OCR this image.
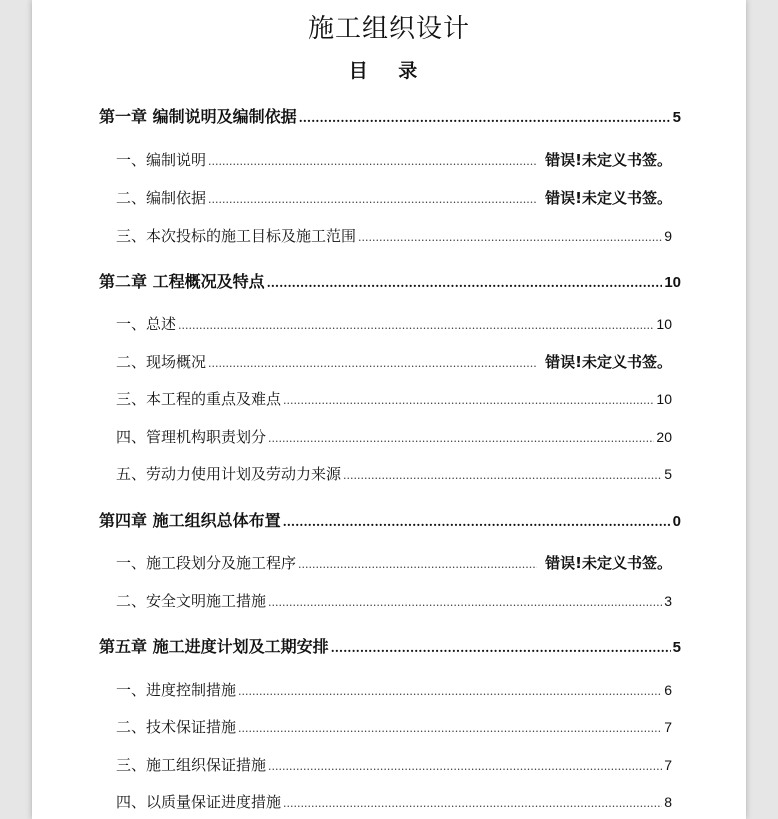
施工组织设计
目 录
第一章 编制说明及编制依据 .....	5
一、编制说明 .....	错误!未定义书签。
二、编制依据 .....	错误!未定义书签。
三、本次投标的施工目标及施工范围 .....	9
第二章 工程概况及特点 .....	10
一、总述 .....	10
二、现场概况 .....	错误!未定义书签。
三、本工程的重点及难点 .....	10
四、管理机构职责划分 .....	20
五、劳动力使用计划及劳动力来源 .....	5
第四章 施工组织总体布置 .....	0
一、施工段划分及施工程序 .....	错误!未定义书签。
二、安全文明施工措施 .....	3
第五章 施工进度计划及工期安排 .....	5
一、进度控制措施 .....	6
二、技术保证措施 .....	7
三、施工组织保证措施 .....	7
四、以质量保证进度措施 .....	8
